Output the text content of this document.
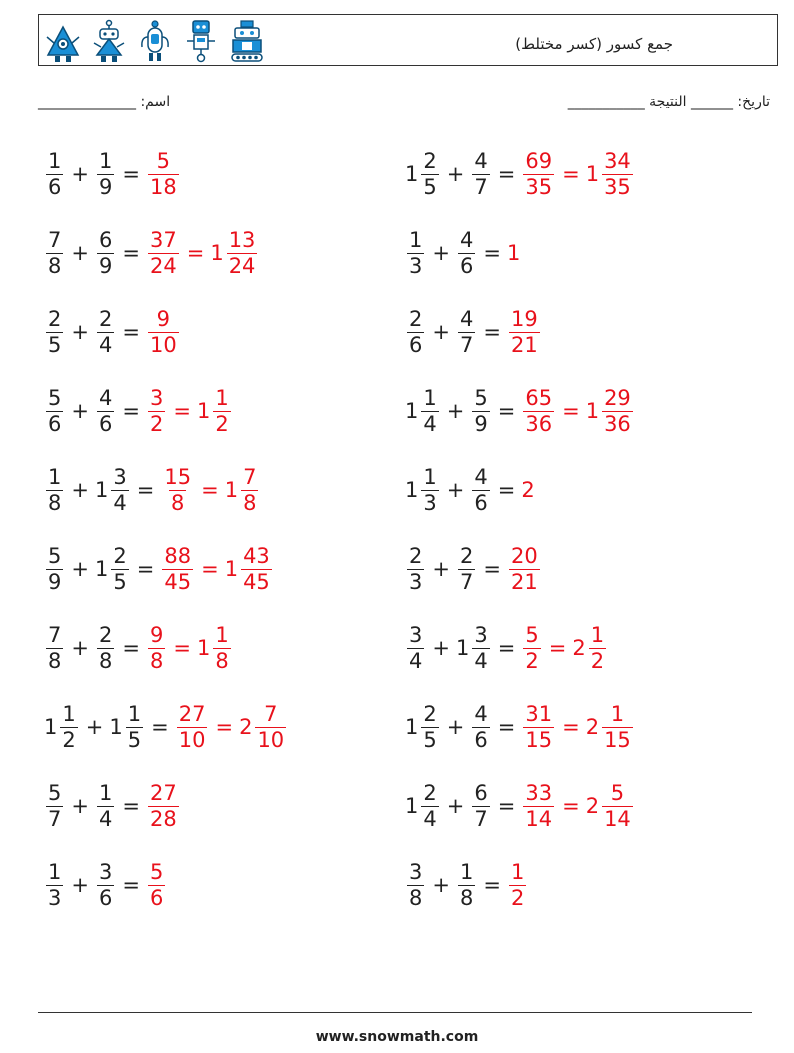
جمع كسور (كسر مختلط)
اسم: ______________	تاريخ: ______ النتيجة ___________
$\frac{1}{6} + \frac{1}{9} = \frac{5}{18}$	$1 \frac{2}{5} + \frac{4}{7} = \frac{69}{35} = 1 \frac{34}{35}$
$\frac{7}{8} + \frac{6}{9} = \frac{37}{24} = 1 \frac{13}{24}$	$\frac{1}{3} + \frac{4}{6} = 1$
$\frac{2}{5} + \frac{2}{4} = \frac{9}{10}$	$\frac{2}{6} + \frac{4}{7} = \frac{19}{21}$
$\frac{5}{6} + \frac{4}{6} = \frac{3}{2} = 1 \frac{1}{2}$	$1 \frac{1}{4} + \frac{5}{9} = \frac{65}{36} = 1 \frac{29}{36}$
$\frac{1}{8} + 1 \frac{3}{4} = \frac{15}{8} = 1 \frac{7}{8}$	$1 \frac{1}{3} + \frac{4}{6} = 2$
$\frac{5}{9} + 1 \frac{2}{5} = \frac{88}{45} = 1 \frac{43}{45}$	$\frac{2}{3} + \frac{2}{7} = \frac{20}{21}$
$\frac{7}{8} + \frac{2}{8} = \frac{9}{8} = 1 \frac{1}{8}$	$\frac{3}{4} + 1 \frac{3}{4} = \frac{5}{2} = 2 \frac{1}{2}$
$1 \frac{1}{2} + 1 \frac{1}{5} = \frac{27}{10} = 2 \frac{7}{10}$	$1 \frac{2}{5} + \frac{4}{6} = \frac{31}{15} = 2 \frac{1}{15}$
$\frac{5}{7} + \frac{1}{4} = \frac{27}{28}$	$1 \frac{2}{4} + \frac{6}{7} = \frac{33}{14} = 2 \frac{5}{14}$
$\frac{1}{3} + \frac{3}{6} = \frac{5}{6}$	$\frac{3}{8} + \frac{1}{8} = \frac{1}{2}$
www.snowmath.com
